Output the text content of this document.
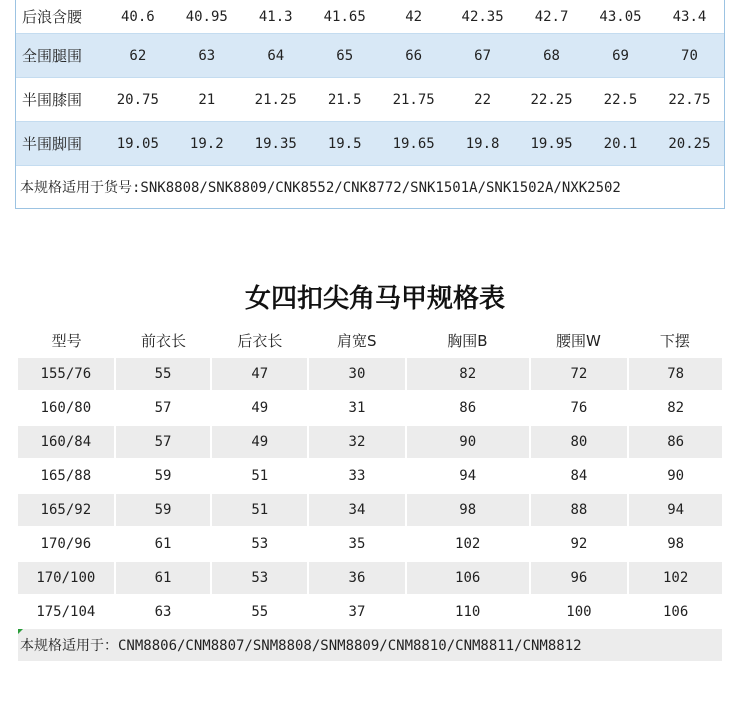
后浪含腰	40.6	40.95	41.3	41.65	42	42.35	42.7	43.05	43.4
全围腿围	62	63	64	65	66	67	68	69	70
半围膝围	20.75	21	21.25	21.5	21.75	22	22.25	22.5	22.75
半围脚围	19.05	19.2	19.35	19.5	19.65	19.8	19.95	20.1	20.25
本规格适用于货号:SNK8808/SNK8809/CNK8552/CNK8772/SNK1501A/SNK1502A/NXK2502
女四扣尖角马甲规格表
型号	前衣长	后衣长	肩宽S	胸围B	腰围W	下摆
155/76	55	47	30	82	72	78
160/80	57	49	31	86	76	82
160/84	57	49	32	90	80	86
165/88	59	51	33	94	84	90
165/92	59	51	34	98	88	94
170/96	61	53	35	102	92	98
170/100	61	53	36	106	96	102
175/104	63	55	37	110	100	106
本规格适用于：CNM8806/CNM8807/SNM8808/SNM8809/CNM8810/CNM8811/CNM8812
